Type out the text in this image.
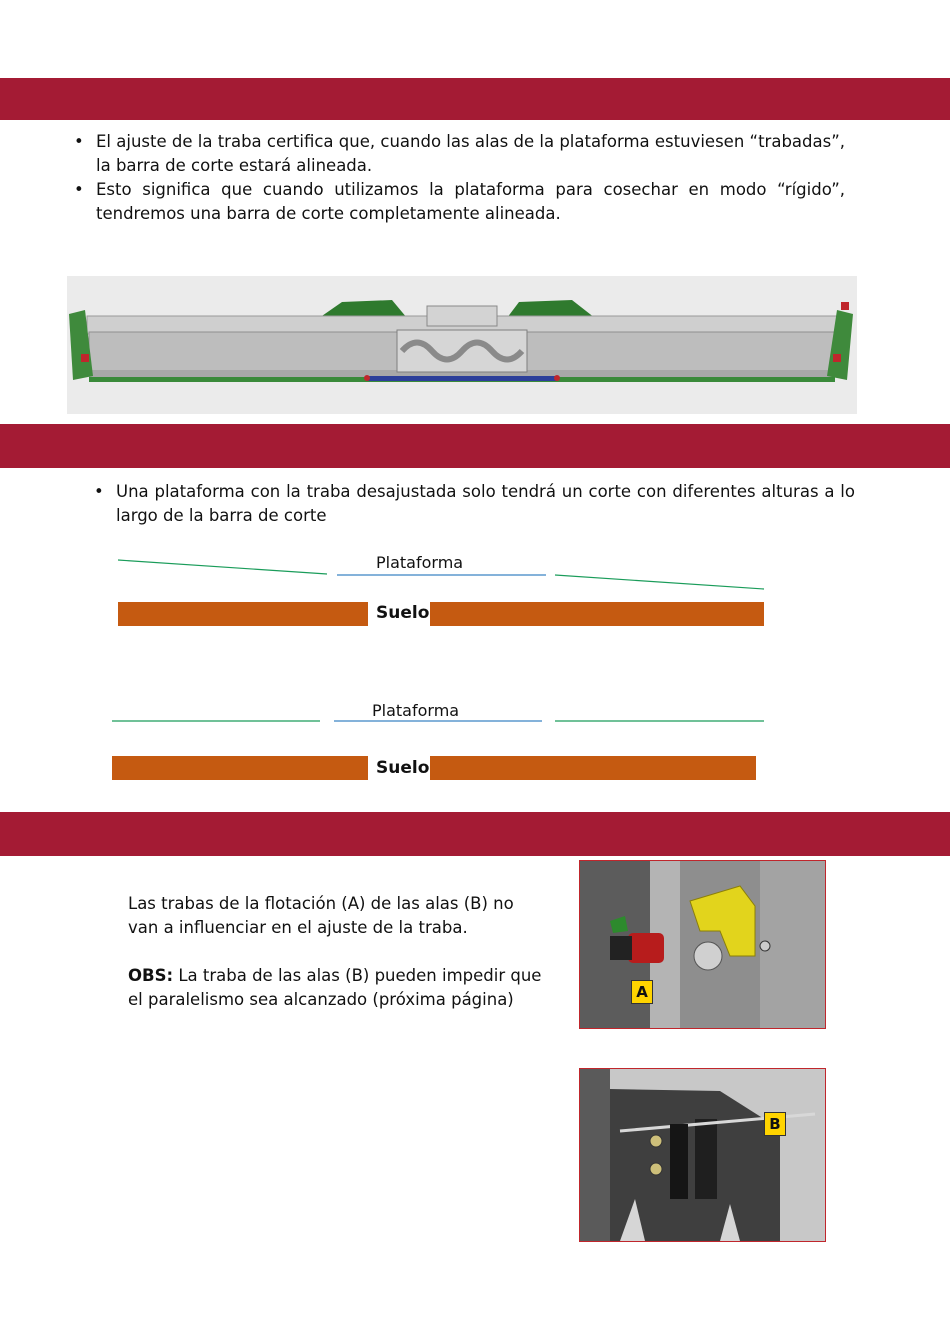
• El ajuste de la traba certifica que, cuando las alas de la plataforma estuviesen “trabadas”, la barra de corte estará alineada.
• Esto significa que cuando utilizamos la plataforma para cosechar en modo “rígido”, tendremos una barra de corte completamente alineada.
• Una plataforma con la traba desajustada solo tendrá un corte con diferentes alturas a lo largo de la barra de corte
Plataforma
Suelo
Plataforma
Suelo

Las trabas de la flotación (A) de las alas (B) no van a influenciar en el ajuste de la traba.

OBS: La traba de las alas (B) pueden impedir que el paralelismo sea alcanzado (próxima página)	A
B
